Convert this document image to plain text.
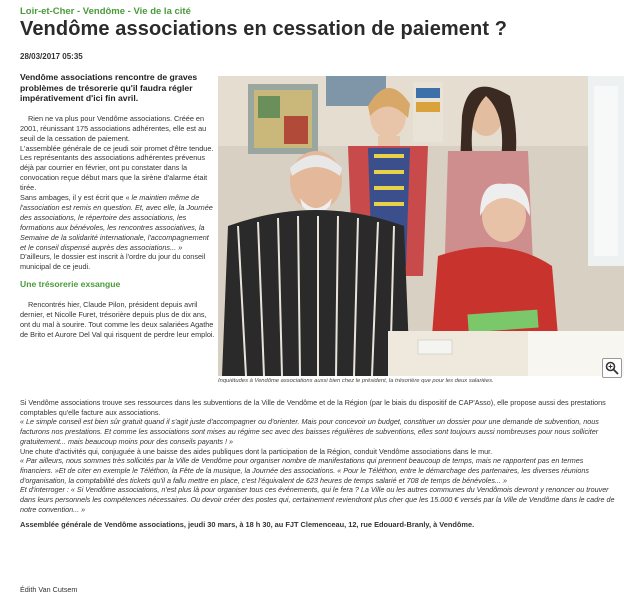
Loir-et-Cher - Vendôme - Vie de la cité
Vendôme associations en cessation de paiement ?
28/03/2017 05:35
Vendôme associations rencontre de graves problèmes de trésorerie qu'il faudra régler impérativement d'ici fin avril.

Rien ne va plus pour Vendôme associations. Créée en 2001, réunissant 175 associations adhérentes, elle est au seuil de la cessation de paiement.

L'assemblée générale de ce jeudi soir promet d'être tendue. Les représentants des associations adhérentes prévenus déjà par courrier en février, ont pu constater dans la convocation reçue début mars que la sirène d'alarme était tirée.

Sans ambages, il y est écrit que « le maintien même de l'association est remis en question. Et, avec elle, la Journée des associations, le répertoire des associations, les formations aux bénévoles, les rencontres associatives, la Semaine de la solidarité internationale, l'accompagnement et le conseil dispensé auprès des associations... »

D'ailleurs, le dossier est inscrit à l'ordre du jour du conseil municipal de ce jeudi.

Une trésorerie exsangue

Rencontrés hier, Claude Pilon, président depuis avril dernier, et Nicolle Furet, trésorière depuis plus de dix ans, ont du mal à sourire. Tout comme les deux salariées Agathe de Brito et Aurore Del Val qui risquent de perdre leur emploi.

Inquiétudes à Vendôme associations aussi bien chez le président, la trésorière que pour les deux salariées.

Si Vendôme associations trouve ses ressources dans les subventions de la Ville de Vendôme et de la Région (par le biais du dispositif de CAP'Asso), elle propose aussi des prestations comptables qu'elle facture aux associations.

« Le simple conseil est bien sûr gratuit quand il s'agit juste d'accompagner ou d'orienter. Mais pour concevoir un budget, constituer un dossier pour une demande de subvention, nous facturons nos prestations. Et comme les associations sont mises au régime sec avec des baisses régulières de subventions, elles sont toujours aussi nombreuses pour nous solliciter gratuitement... mais beaucoup moins pour des conseils payants ! »

Une chute d'activités qui, conjuguée à une baisse des aides publiques dont la participation de la Région, conduit Vendôme associations dans le mur.

« Par ailleurs, nous sommes très sollicités par la Ville de Vendôme pour organiser nombre de manifestations qui prennent beaucoup de temps, mais ne rapportent pas en termes financiers. »Et de citer en exemple le Téléthon, la Fête de la musique, la Journée des associations. « Pour le Téléthon, entre le démarchage des partenaires, les diverses réunions d'organisation, la comptabilité des tickets qu'il a fallu mettre en place, c'est l'équivalent de 623 heures de temps salarié et 708 de temps de bénévoles... »

Et d'interroger : « Si Vendôme associations, n'est plus là pour organiser tous ces événements, qui le fera ? La Ville ou les autres communes du Vendômois devront y renoncer ou trouver dans leurs personnels les compétences nécessaires. Ou devoir créer des postes qui, certainement reviendront plus cher que les 15.000 € versés par la Ville de Vendôme dans le cadre de notre convention... »

Assemblée générale de Vendôme associations, jeudi 30 mars, à 18 h 30, au FJT Clemenceau, 12, rue Edouard-Branly, à Vendôme.

Édith Van Cutsem
